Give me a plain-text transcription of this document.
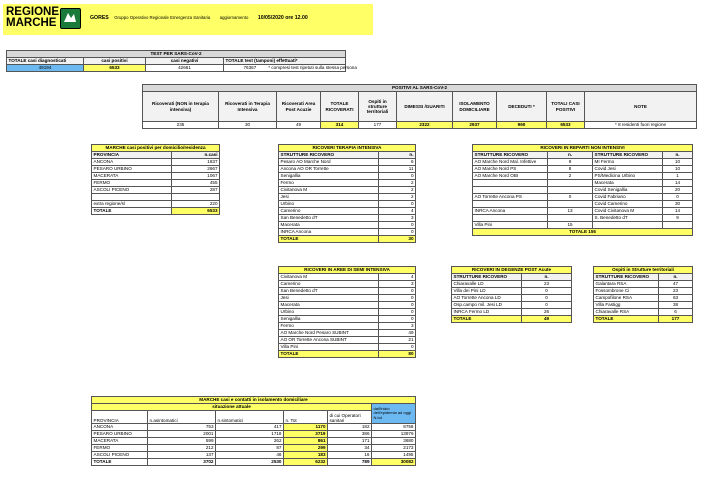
REGIONE
MARCHE	GORES Gruppo Operativo Regionale Emergenza Sanitaria aggiornamento 10/05/2020 ore 12.00
TEST PER SARS-CoV-2			
TOTALE casi diagnosticati	casi positivi	casi negativi	TOTALE test (tamponi) effettuati*
49194	6533	42661	76367 * compresi test ripetuti sulla stessa persona
POSITIVI AL SARS-CoV-2									
Ricoverati (NON in terapia intensiva)	Ricoverati in Terapia Intensiva	Ricoverati Area Post Acuzie	TOTALE RICOVERATI	Ospiti in strutture territoriali	DIMESSI /GUARITI	ISOLAMENTO DOMICILIARE	DECEDUTI *	TOTALI CASI POSITIVI	NOTE
235	30	49	314	177	2322	2937	960	6533	* 8 residenti fuori regione
MARCHE casi positivi per domicilio/residenza	
PROVINCIA	n.casi
ANCONA	1837
PESARO URBINO	2667
MACERATA	1067
FERMO	455
ASCOLI PICENO	287

extra regione/sl	220
TOTALE	6533
RICOVERI TERAPIA INTENSIVA	
STRUTTURE RICOVERO	n.
Pesaro AO Marche Nord	6
Ancona AO OR Torrette	11
Senigallia	0
Fermo	2
Civitanova M	2
Jesi	2
Urbino	0
Camerino	4
San Benedetto dT	3
Macerata	0
INRCA Ancona	0
TOTALE	30
RICOVERI IN REPARTI NON INTENSIVI			
STRUTTURE RICOVERO	n.	STRUTTURE RICOVERO	n.
AO Marche Nord Mal. Infettive	9	MI Fermo	10
AO Marche Nord PS	8	Covid Jesi	10
AO Marche Nord OBI	2	PS/Medicina Urbino	1
		Macerata	14
		Covid Senigallia	20
AO Torrette Ancona PS	0	Covid Fabriano	0
		Covid Camerino	30
INRCA Ancona	13	Covid Civitanova M	14
		S. Benedetto dT	9
Villa Pini	15		
TOTALE 155			
RICOVERI IN AREE DI SEMI INTENSIVA	
Civitanova M	4
Camerino	3
San Benedetto dT	0
Jesi	0
Macerata	0
Urbino	0
Senigallia	0
Fermo	3
AO Marche Nord Pesaro SUBINT	49
AO OR Torrette Ancona SUBINT	21
Villa Pini	0
TOTALE	80
RICOVERI IN DEGENZE POST Acute	
STRUTTURE RICOVERO	n.
Chiaravalle LD	23
Villa dei Pini LD	0
AO Torrette Ancona LD	0
Osp.campo mil. Jesi LD	0
INRCA Fermo LD	26
TOTALE	49
Ospiti in Strutture territoriali	
STRUTTURE RICOVERO	n.
Galantara RSA	47
Fossombrone Ci	23
Campofilone RSA	63
Villa Fastigg	38
Chiaravalle RSA	6
TOTALE	177
MARCHE casi e contatti in isolamento domiciliare					
situazione attuale					dall'inizio dell'epidemia ad oggi N.tot
PROVINCIA	n.asintomatici	n.sintomatici	n. Tot	di cui Operatori sanitari	
ANCONA	753	417	1170	182	8758
PESARO URBINO	2001	1718	3719	386	13976
MACERATA	599	262	861	171	3680
FERMO	212	87	299	34	2173
ASCOLI PICENO	137	46	183	16	1495
TOTALE	3702	2530	6232	789	30082
